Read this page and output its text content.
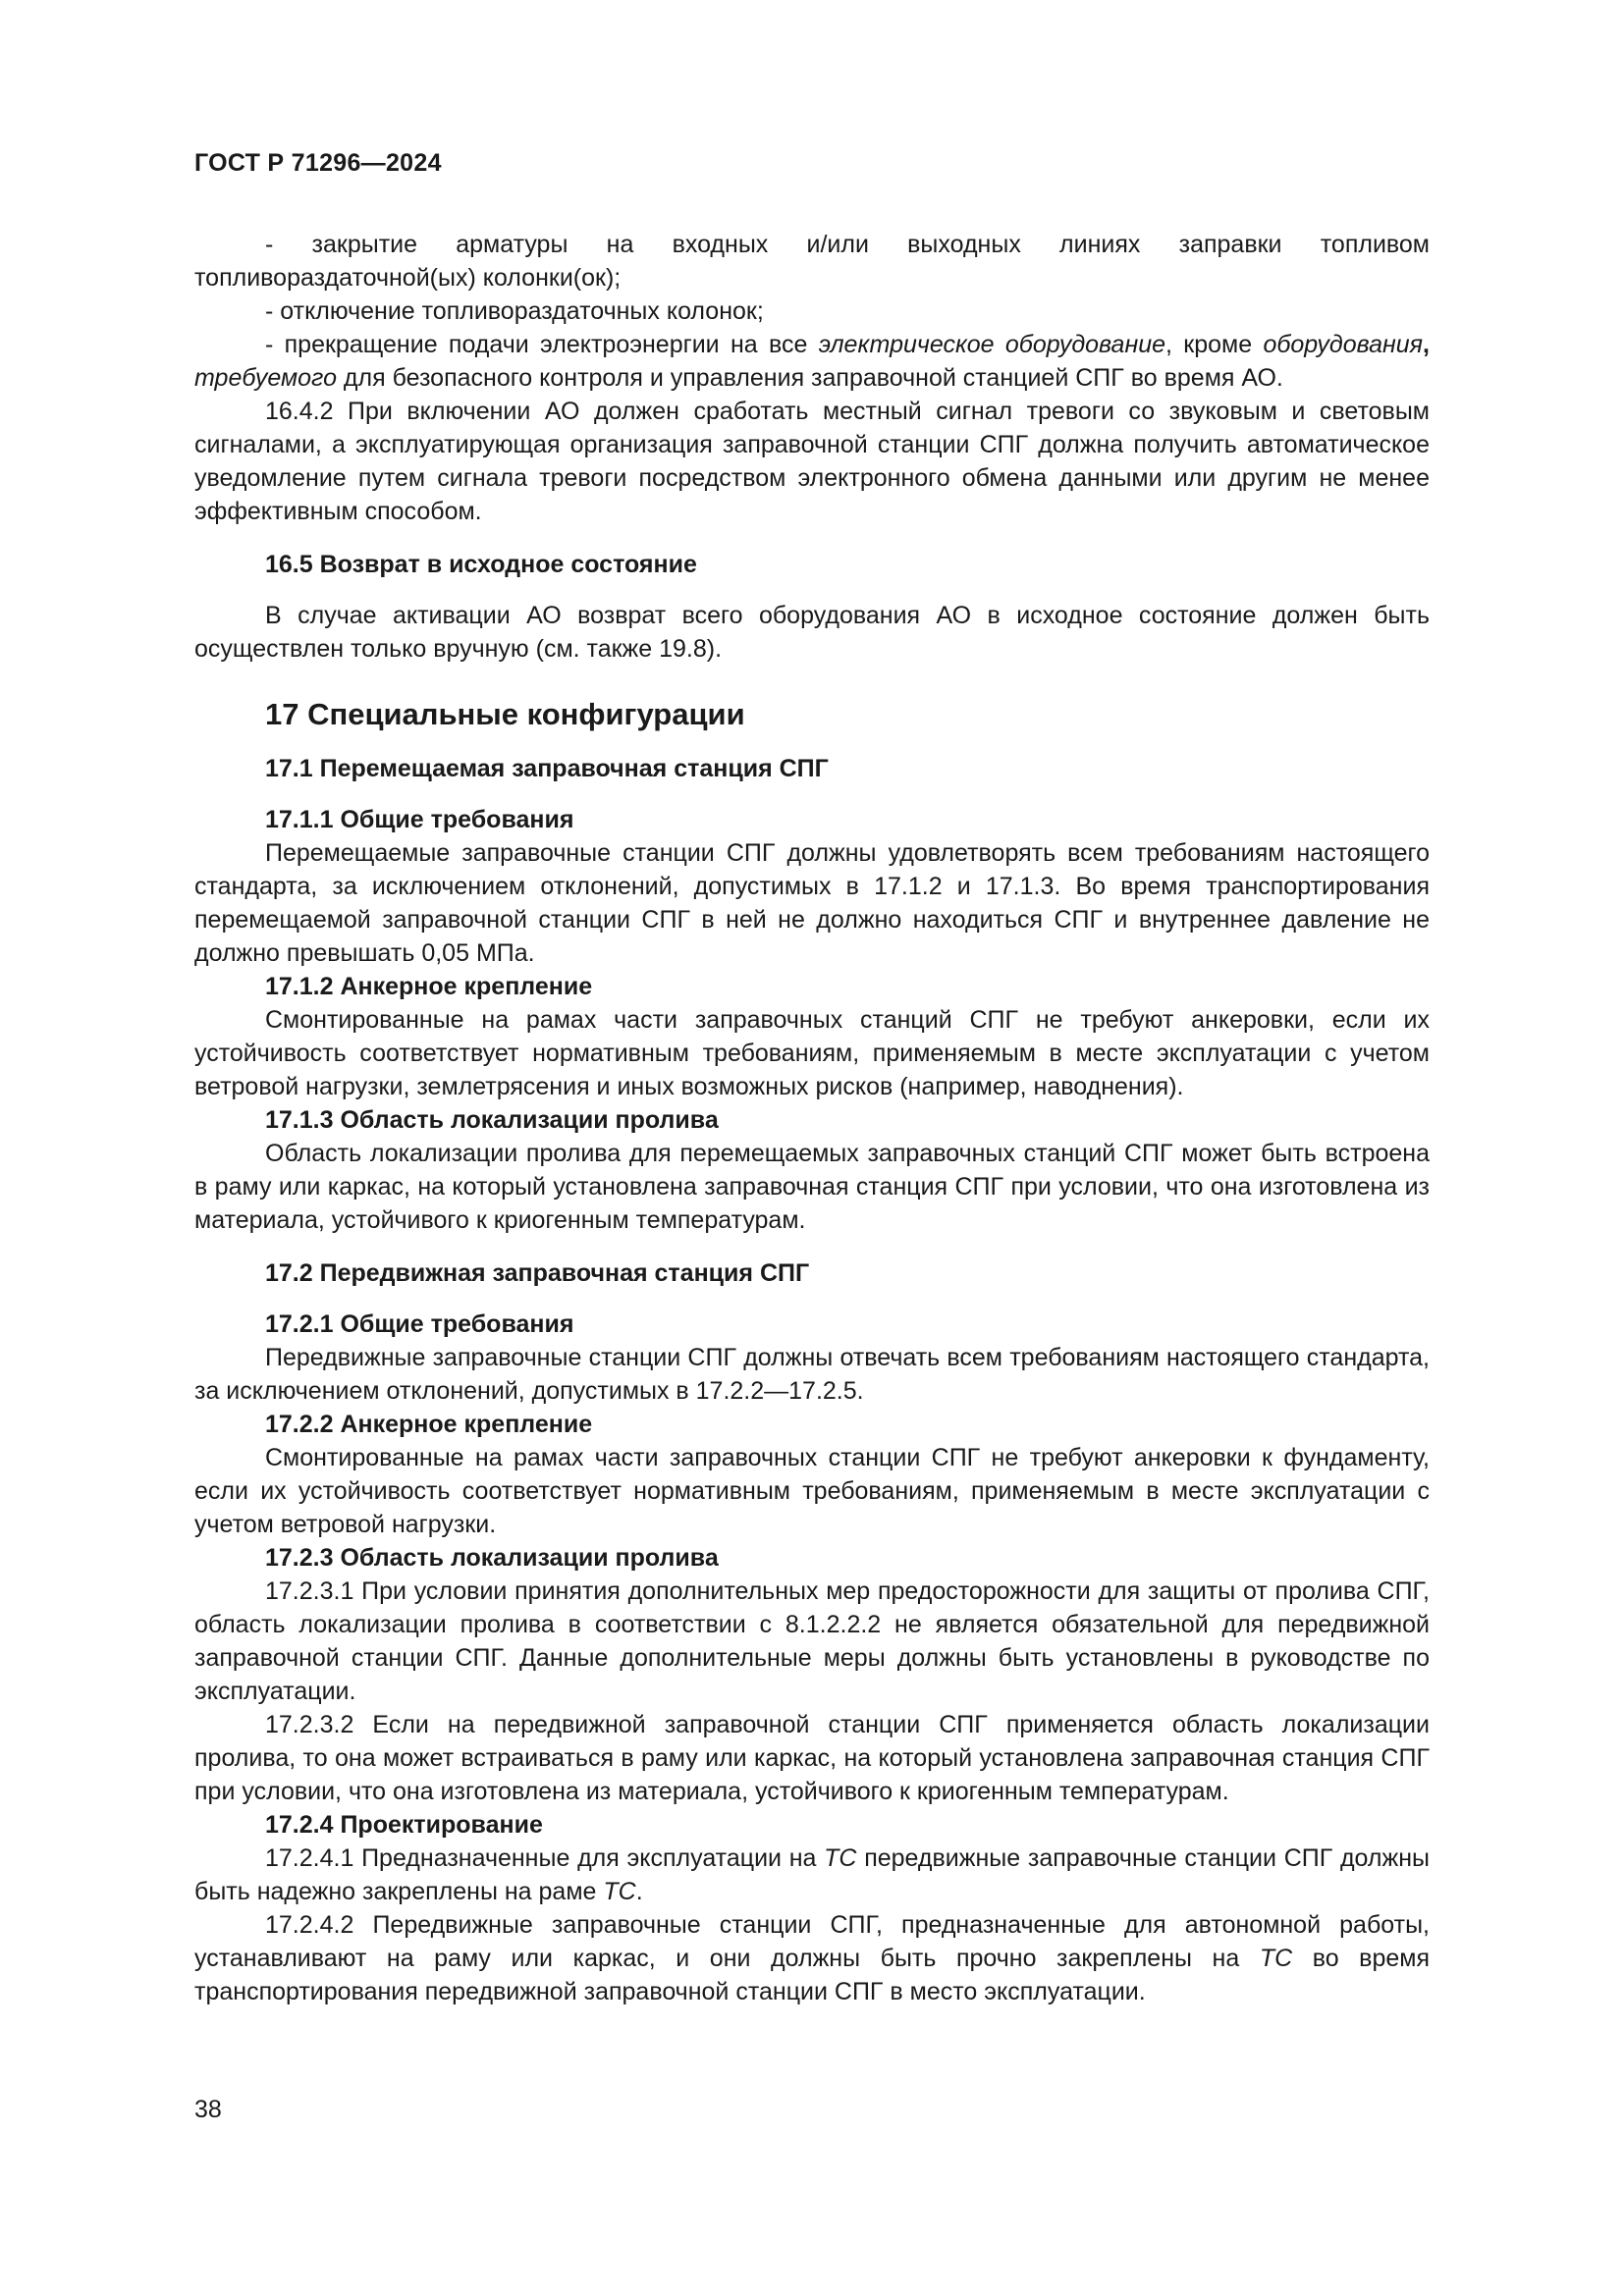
ГОСТ Р 71296—2024

- закрытие арматуры на входных и/или выходных линиях заправки топливом топливораздаточной(ых) колонки(ок);

- отключение топливораздаточных колонок;

- прекращение подачи электроэнергии на все электрическое оборудование, кроме оборудования, требуемого для безопасного контроля и управления заправочной станцией СПГ во время АО.

16.4.2 При включении АО должен сработать местный сигнал тревоги со звуковым и световым сигналами, а эксплуатирующая организация заправочной станции СПГ должна получить автоматическое уведомление путем сигнала тревоги посредством электронного обмена данными или другим не менее эффективным способом.

16.5 Возврат в исходное состояние

В случае активации АО возврат всего оборудования АО в исходное состояние должен быть осуществлен только вручную (см. также 19.8).

17 Специальные конфигурации
17.1 Перемещаемая заправочная станция СПГ
17.1.1 Общие требования

Перемещаемые заправочные станции СПГ должны удовлетворять всем требованиям настоящего стандарта, за исключением отклонений, допустимых в 17.1.2 и 17.1.3. Во время транспортирования перемещаемой заправочной станции СПГ в ней не должно находиться СПГ и внутреннее давление не должно превышать 0,05 МПа.

17.1.2 Анкерное крепление

Смонтированные на рамах части заправочных станций СПГ не требуют анкеровки, если их устойчивость соответствует нормативным требованиям, применяемым в месте эксплуатации с учетом ветровой нагрузки, землетрясения и иных возможных рисков (например, наводнения).

17.1.3 Область локализации пролива

Область локализации пролива для перемещаемых заправочных станций СПГ может быть встроена в раму или каркас, на который установлена заправочная станция СПГ при условии, что она изготовлена из материала, устойчивого к криогенным температурам.

17.2 Передвижная заправочная станция СПГ
17.2.1 Общие требования

Передвижные заправочные станции СПГ должны отвечать всем требованиям настоящего стандарта, за исключением отклонений, допустимых в 17.2.2—17.2.5.

17.2.2 Анкерное крепление

Смонтированные на рамах части заправочных станции СПГ не требуют анкеровки к фундаменту, если их устойчивость соответствует нормативным требованиям, применяемым в месте эксплуатации с учетом ветровой нагрузки.

17.2.3 Область локализации пролива

17.2.3.1 При условии принятия дополнительных мер предосторожности для защиты от пролива СПГ, область локализации пролива в соответствии с 8.1.2.2.2 не является обязательной для передвижной заправочной станции СПГ. Данные дополнительные меры должны быть установлены в руководстве по эксплуатации.

17.2.3.2 Если на передвижной заправочной станции СПГ применяется область локализации пролива, то она может встраиваться в раму или каркас, на который установлена заправочная станция СПГ при условии, что она изготовлена из материала, устойчивого к криогенным температурам.

17.2.4 Проектирование

17.2.4.1 Предназначенные для эксплуатации на ТС передвижные заправочные станции СПГ должны быть надежно закреплены на раме ТС.

17.2.4.2 Передвижные заправочные станции СПГ, предназначенные для автономной работы, устанавливают на раму или каркас, и они должны быть прочно закреплены на ТС во время транспортирования передвижной заправочной станции СПГ в место эксплуатации.

38
